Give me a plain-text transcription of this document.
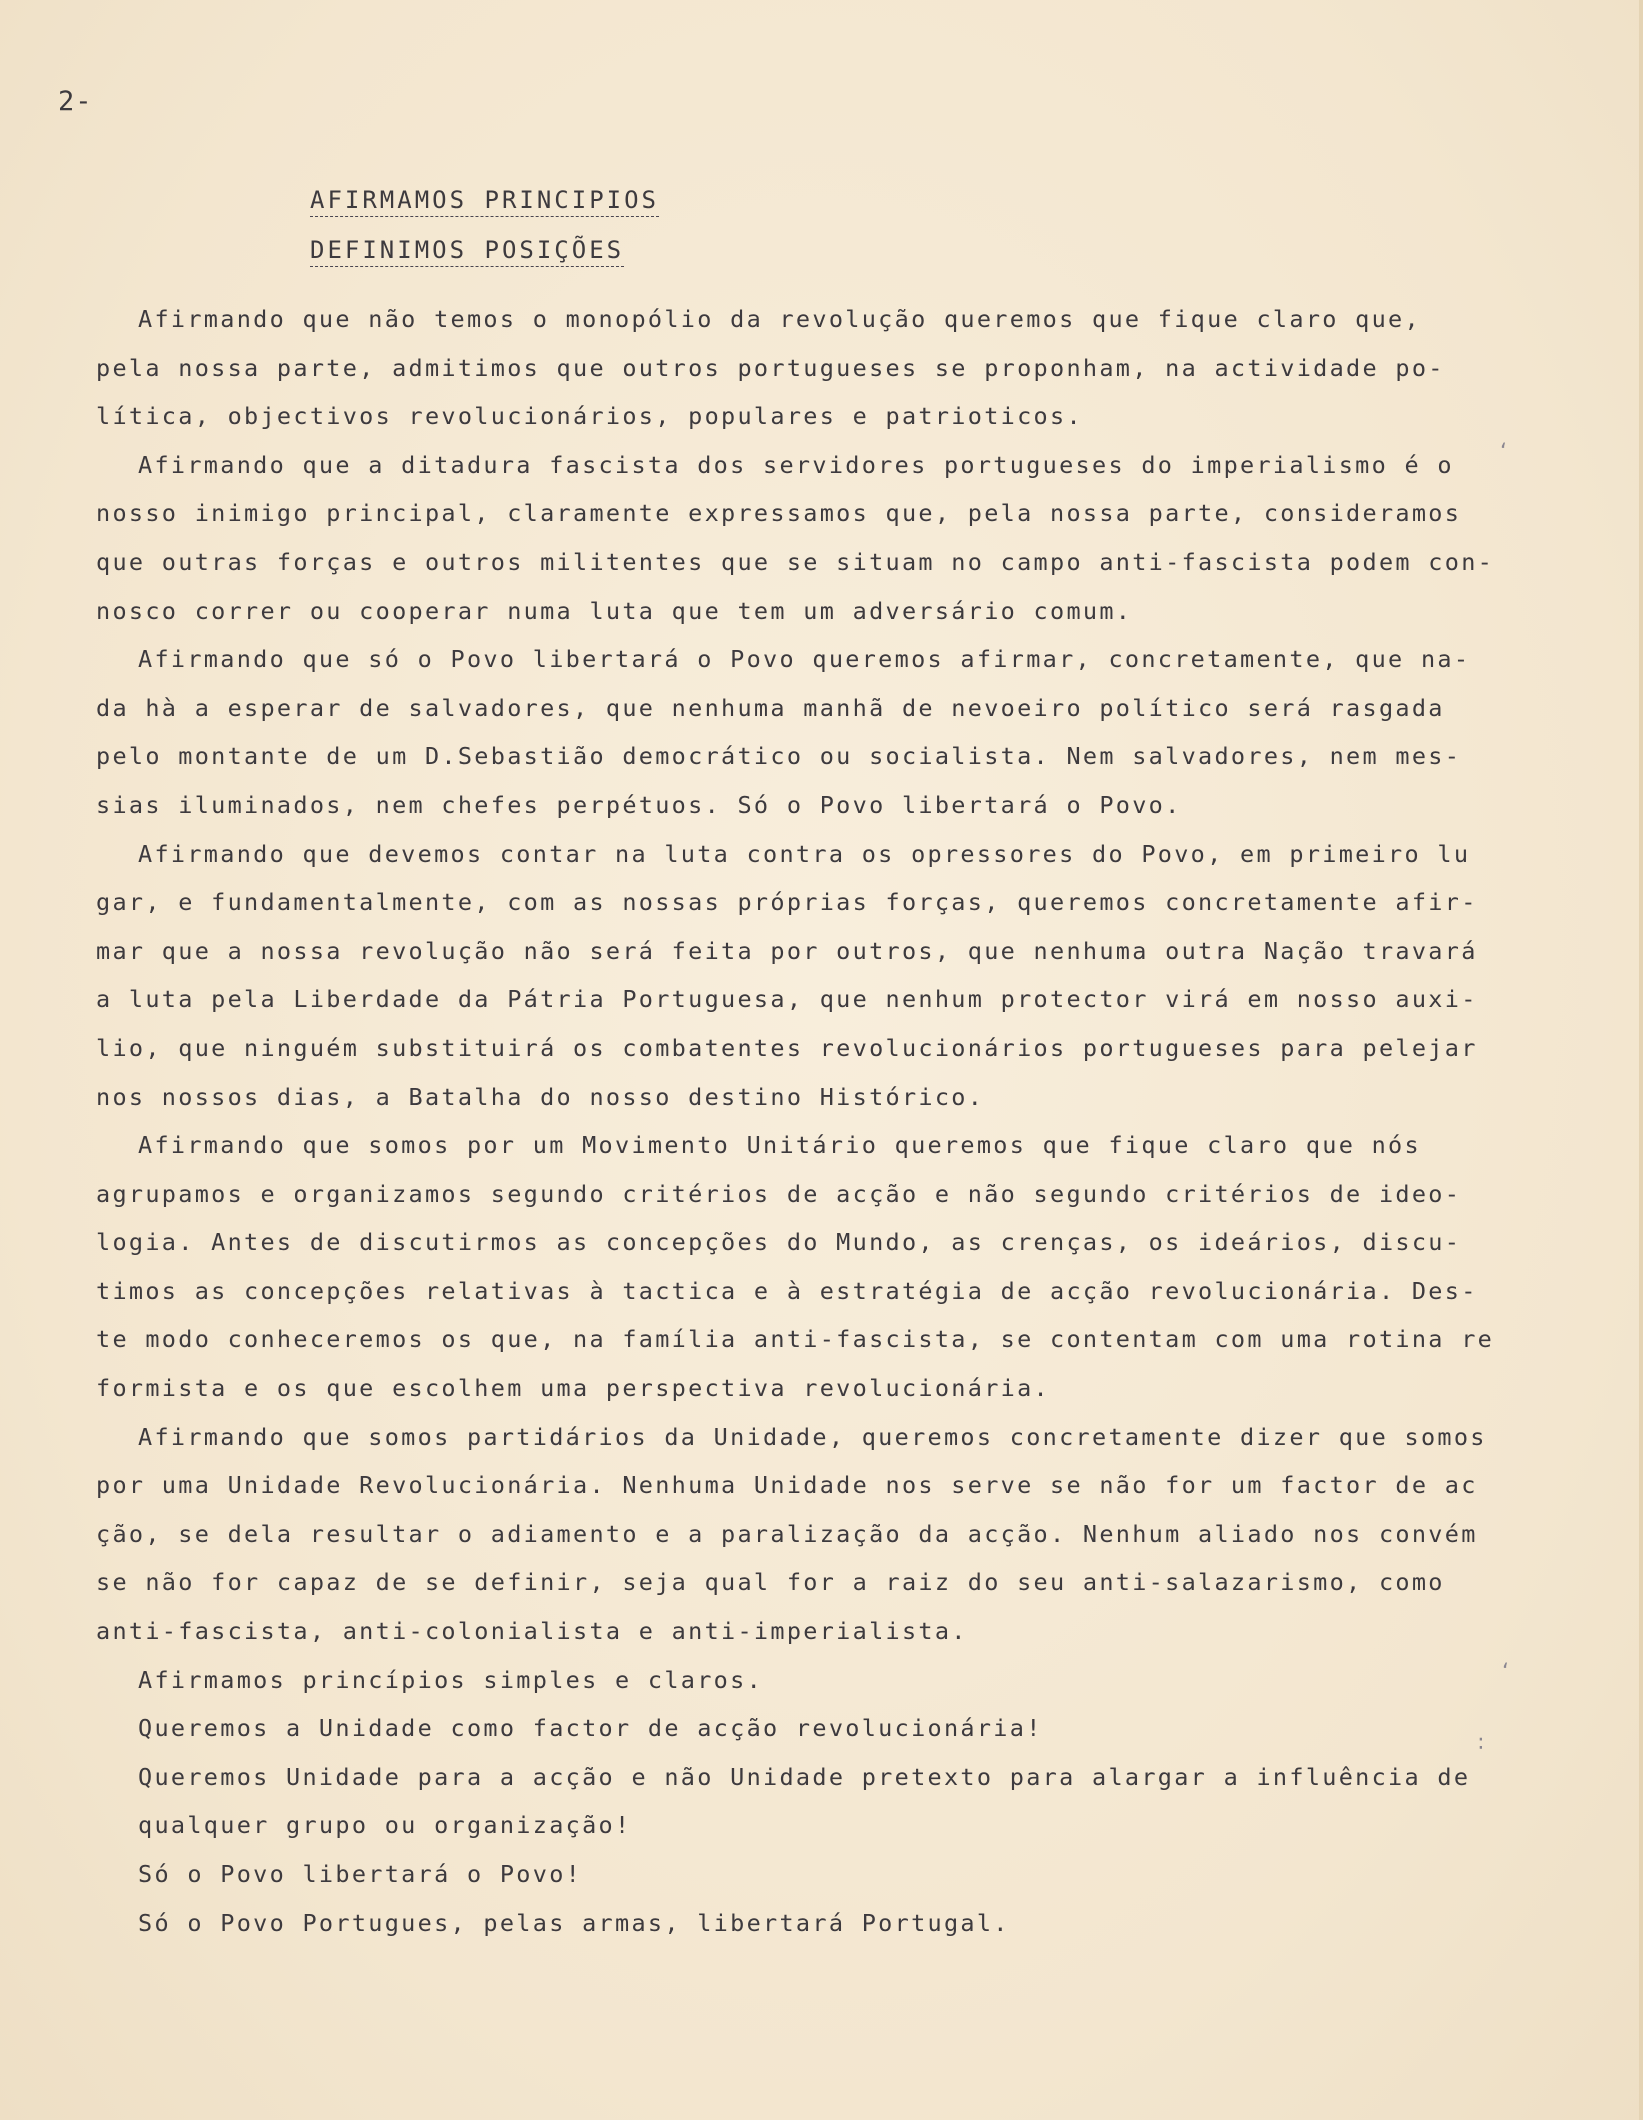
2-
AFIRMAMOS PRINCIPIOS
DEFINIMOS POSIÇÕES
Afirmando que não temos o monopólio da revolução queremos que fique claro que,
pela nossa parte, admitimos que outros portugueses se proponham, na actividade po-
lítica, objectivos revolucionários, populares e patrioticos.
Afirmando que a ditadura fascista dos servidores portugueses do imperialismo é o
nosso inimigo principal, claramente expressamos que, pela nossa parte, consideramos
que outras forças e outros militentes que se situam no campo anti-fascista podem con-
nosco correr ou cooperar numa luta que tem um adversário comum.
Afirmando que só o Povo libertará o Povo queremos afirmar, concretamente, que na-
da hà a esperar de salvadores, que nenhuma manhã de nevoeiro político será rasgada
pelo montante de um D.Sebastião democrático ou socialista. Nem salvadores, nem mes-
sias iluminados, nem chefes perpétuos. Só o Povo libertará o Povo.
Afirmando que devemos contar na luta contra os opressores do Povo, em primeiro lu
gar, e fundamentalmente, com as nossas próprias forças, queremos concretamente afir-
mar que a nossa revolução não será feita por outros, que nenhuma outra Nação travará
a luta pela Liberdade da Pátria Portuguesa, que nenhum protector virá em nosso auxi-
lio, que ninguém substituirá os combatentes revolucionários portugueses para pelejar
nos nossos dias, a Batalha do nosso destino Histórico.
Afirmando que somos por um Movimento Unitário queremos que fique claro que nós
agrupamos e organizamos segundo critérios de acção e não segundo critérios de ideo-
logia. Antes de discutirmos as concepções do Mundo, as crenças, os ideários, discu-
timos as concepções relativas à tactica e à estratégia de acção revolucionária. Des-
te modo conheceremos os que, na família anti-fascista, se contentam com uma rotina re
formista e os que escolhem uma perspectiva revolucionária.
Afirmando que somos partidários da Unidade, queremos concretamente dizer que somos
por uma Unidade Revolucionária. Nenhuma Unidade nos serve se não for um factor de ac
ção, se dela resultar o adiamento e a paralização da acção. Nenhum aliado nos convém
se não for capaz de se definir, seja qual for a raiz do seu anti-salazarismo, como
anti-fascista, anti-colonialista e anti-imperialista.
Afirmamos princípios simples e claros.
Queremos a Unidade como factor de acção revolucionária!
Queremos Unidade para a acção e não Unidade pretexto para alargar a influência de
qualquer grupo ou organização!
Só o Povo libertará o Povo!
Só o Povo Portugues, pelas armas, libertará Portugal.
‘
‘
∶
